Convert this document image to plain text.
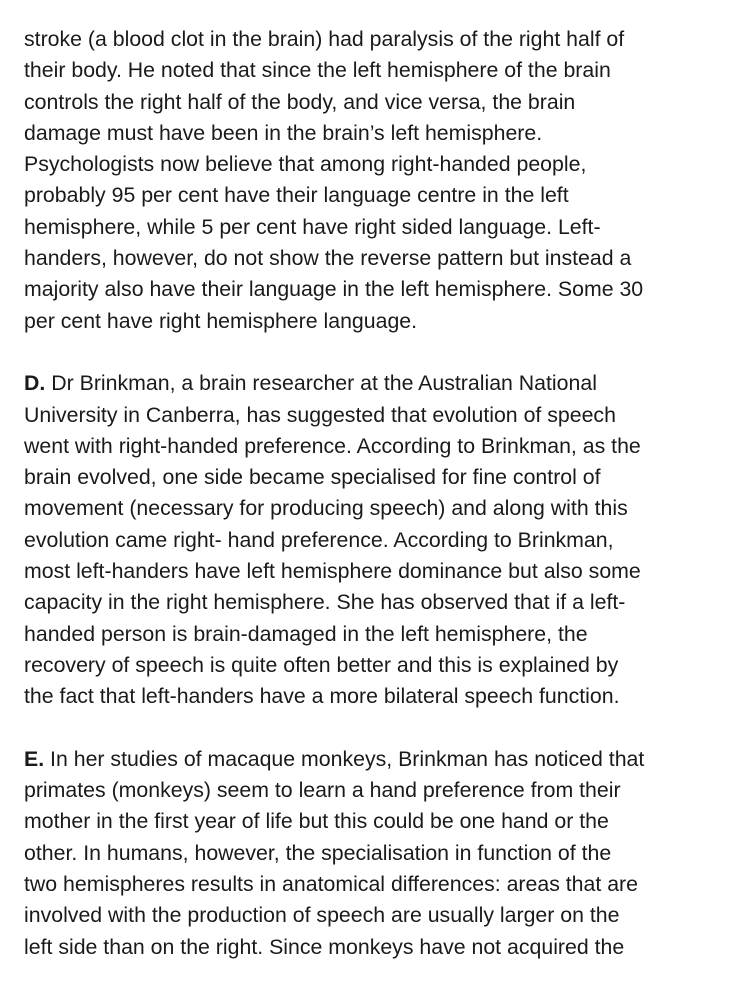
stroke (a blood clot in the brain) had paralysis of the right half of
their body. He noted that since the left hemisphere of the brain
controls the right half of the body, and vice versa, the brain
damage must have been in the brain’s left hemisphere.
Psychologists now believe that among right-handed people,
probably 95 per cent have their language centre in the left
hemisphere, while 5 per cent have right sided language. Left-
handers, however, do not show the reverse pattern but instead a
majority also have their language in the left hemisphere. Some 30
per cent have right hemisphere language.

D. Dr Brinkman, a brain researcher at the Australian National
University in Canberra, has suggested that evolution of speech
went with right-handed preference. According to Brinkman, as the
brain evolved, one side became specialised for fine control of
movement (necessary for producing speech) and along with this
evolution came right- hand preference. According to Brinkman,
most left-handers have left hemisphere dominance but also some
capacity in the right hemisphere. She has observed that if a left-
handed person is brain-damaged in the left hemisphere, the
recovery of speech is quite often better and this is explained by
the fact that left-handers have a more bilateral speech function.

E. In her studies of macaque monkeys, Brinkman has noticed that
primates (monkeys) seem to learn a hand preference from their
mother in the first year of life but this could be one hand or the
other. In humans, however, the specialisation in function of the
two hemispheres results in anatomical differences: areas that are
involved with the production of speech are usually larger on the
left side than on the right. Since monkeys have not acquired the
